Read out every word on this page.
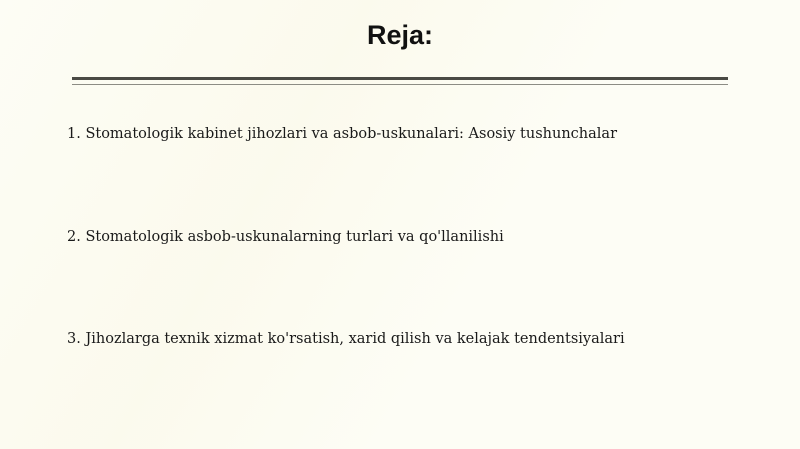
Reja:
1. Stomatologik kabinet jihozlari va asbob-uskunalari: Asosiy tushunchalar
2. Stomatologik asbob-uskunalarning turlari va qo'llanilishi
3. Jihozlarga texnik xizmat ko'rsatish, xarid qilish va kelajak tendentsiyalari
